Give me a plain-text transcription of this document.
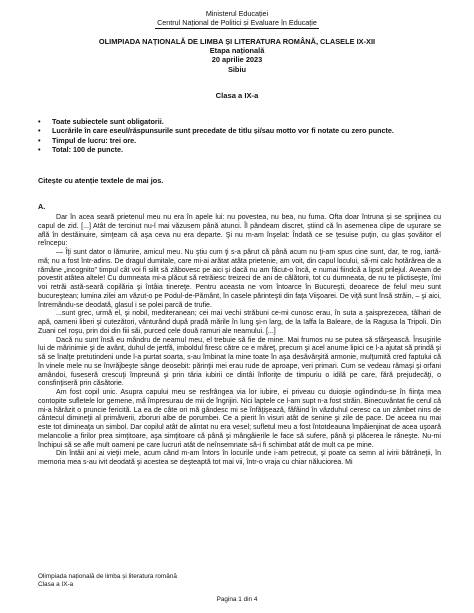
Ministerul Educației
Centrul Național de Politici și Evaluare în Educație
OLIMPIADA NAȚIONALĂ DE LIMBA ȘI LITERATURA ROMÂNĂ, CLASELE IX-XII
Etapa națională
20 aprilie 2023
Sibiu
Clasa a IX-a
• Toate subiectele sunt obligatorii.
• Lucrările în care eseul/răspunsurile sunt precedate de titlu și/sau motto vor fi notate cu zero puncte.
• Timpul de lucru: trei ore.
• Total: 100 de puncte.
Citește cu atenție textele de mai jos.
A.

Dar în acea seară prietenul meu nu era în apele lui: nu povestea, nu bea, nu fuma. Ofta doar întruna și se sprijinea cu capul de zid. [...] Atât de tercinut nu-l mai văzusem până atunci. Îl pândeam discret, știind că în asemenea clipe de uşurare se află în destăinuire, simţeam că aşa ceva nu era departe. Şi nu m-am înşelat: Îndată ce se ţesuise puţin, cu glas şovăitor el reîncepu:

— Îţi sunt dator o lămurire, amicul meu. Nu ştiu cum ţi s-a părut că până acum nu ţi-am spus cine sunt, dar, te rog, iartă-mă; nu a fost într-adins. De dragul dumitale, care mi-ai arătat atâta prietenie, am voit, din capul locului, să-mi calc hotărârea de a rămâne „incognito” timpul cât voi fi silit să zăbovesc pe aici şi dacă nu am făcut-o încă, e numai fiindcă a lipsit prilejul. Aveam de povestit atâtea altele! Cu dumneata mi-a plăcut să retrăiesc treizeci de ani de călătorii, tot cu dumneata, de nu te plictiseşte, îmi voi retrăi astă-seară copilăria şi întâia tinereţe. Pentru aceasta ne vom întoarce în Bucureşti, deoarece de felul meu sunt bucureştean; lumina zilei am văzut-o pe Podul-de-Pământ, în casele părinteşti din faţa Viişoarei. De viţă sunt însă străin, – şi aici, întremându-se deodată, glasul i se polei parcă de trufie.

...sunt grec, urmă el, şi nobil, mediteranean; cei mai vechi străbuni ce-mi cunosc erau, în suta a şaisprezecea, tâlhari de apă, oameni liberi şi cutezători, vânturând după pradă mările în lung şi-n larg, de la Iaffa la Baleare, de la Ragusa la Tripoli. Din Zuani cel roşu, prin doi din fiii săi, purced cele două ramuri ale neamului. [...]

Dacă nu sunt însă eu mândru de neamul meu, el trebuie să fie de mine. Mai frumos nu se putea să sfârşească. Însuşirile lui de mărinimie şi de avânt, duhul de jertfă, imboldul firesc către ce e măreţ, precum şi acel anume lipici ce l-a ajutat să prindă şi să se înalţe pretutindeni unde l-a purtat soarta, s-au îmbinat la mine toate în aşa desăvârşită armonie, mulţumită cred faptului că în vinele mele nu se învrăjbeşte sânge deosebit: părinţii mei erau rude de aproape, veri primari. Cum se vedeau rămaşi şi orfani amândoi, fuseseră crescuţi împreună şi prin tăria iubirii ce dintâi înfloriţe de timpuriu o idilă pe care, fără prejudecăţi, o consfinţiseră prin căsătorie.

Am fost copil unic. Asupra capului meu se resfrângea via lor iubire, ei priveau cu duioşie oglindindu-se în fiinţa mea contopite sufletele lor gemene, mă împresurau de mii de îngrijiri. Nici laptele ce l-am supt n-a fost străin. Binecuvântat fie cerul că mi-a hărăzit o pruncie fericită. La ea de câte ori mă gândesc mi se înfăţişează, făfâind în văzduhul ceresc ca un zâmbet nins de cântecul dimineţii al primăverii, zboruri albe de porumbei. Ce a pierit în visuri atât de senine şi zile de pace. De aceea nu mai este tot dimineaţa un simbol. Dar copilul atât de alintat nu era vesel; sufletul meu a fost întotdeauna împăienjinat de acea uşoară melancolie a firilor prea simţitoare, aşa simţitoare că până şi mângâierile le face să sufere, până şi plăcerea le răneşte. Nu-mi închipui să se afle mult oameni pe care lucruri atât de neînsemnate să-i fi schimbat atât de mult ca pe mine.

Din întâii ani ai vieţii mele, acum când m-am întors în locurile unde i-am petrecut, şi poate ca semn al ivirii bătrâneţii, în memoria mea s-au ivit deodată şi acestea se deşteaptă tot mai vii, într-o vraja cu chiar năluciorea. Mi

Olimpiada națională de limba și literatura română
Clasa a IX-a
Pagina 1 din 4
